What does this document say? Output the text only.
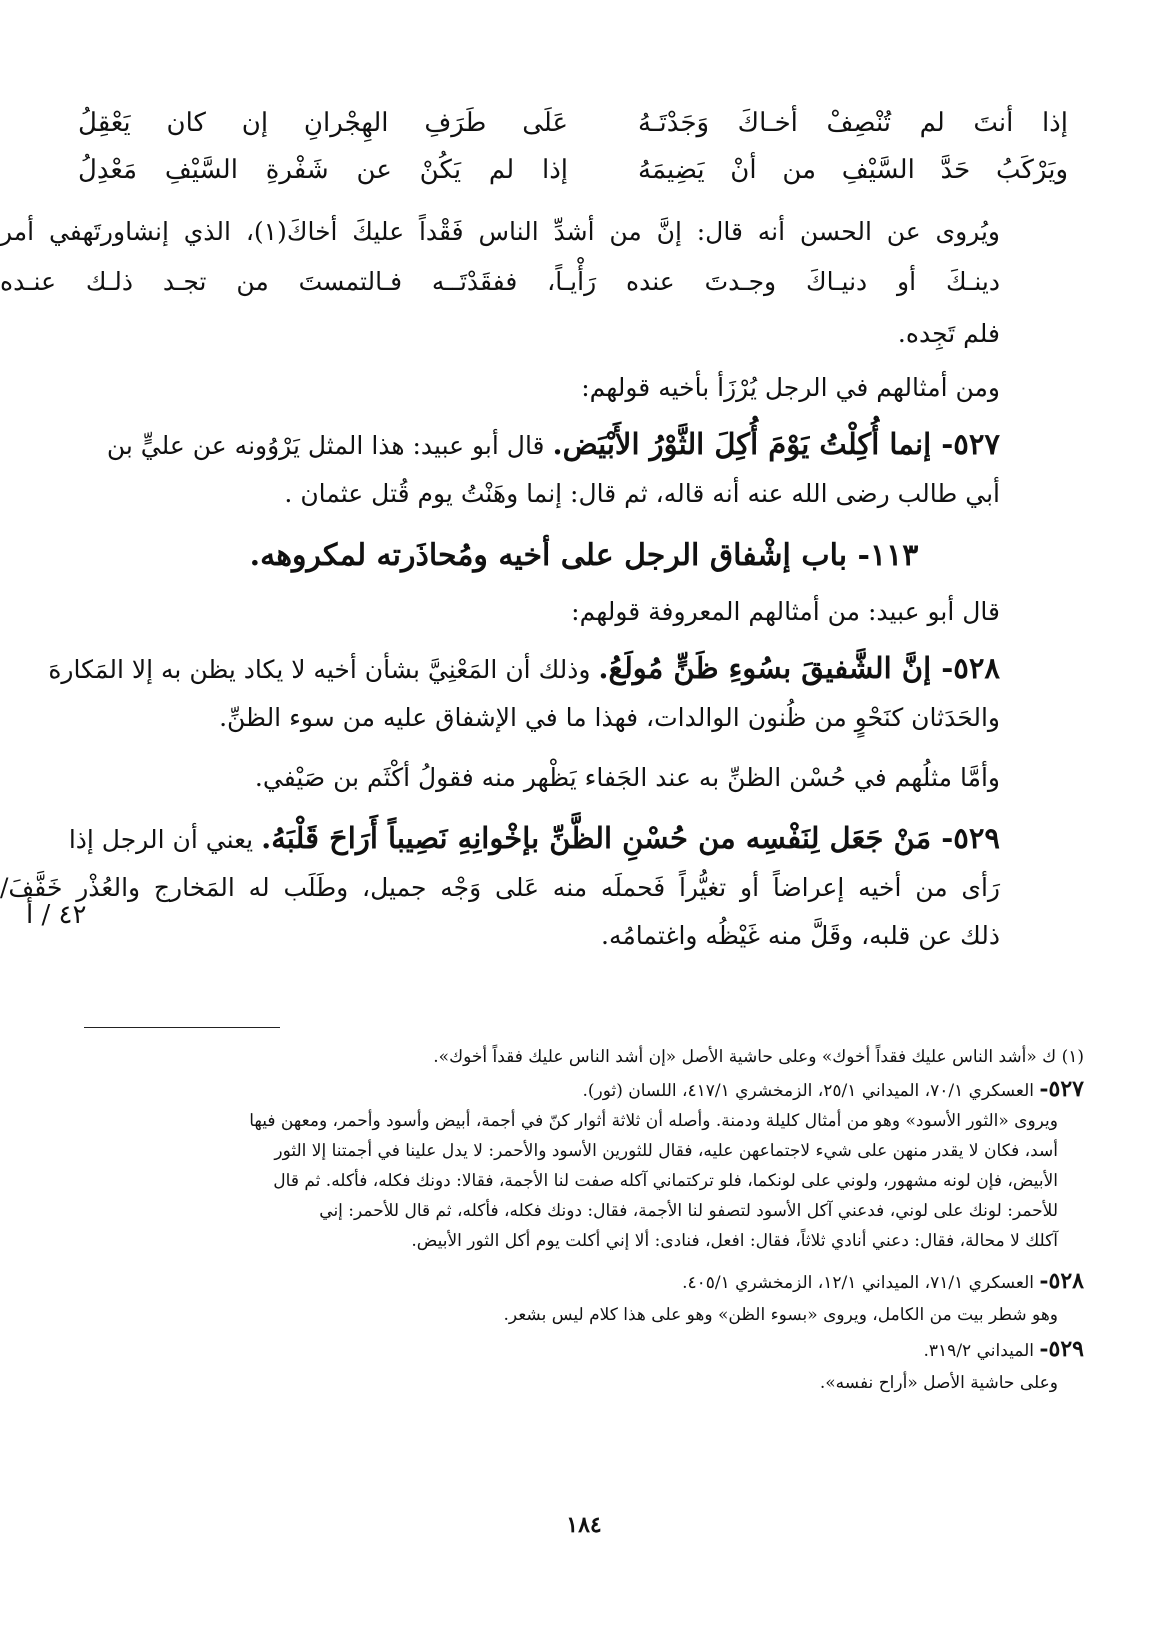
إذا أنتَ لم تُنْصِفْ أخـاكَ وَجَدْتَـهُ
عَلَى طَرَفِ الهِجْرانِ إن كان يَعْقِلُ
ويَرْكَبُ حَدَّ السَّيْفِ من أنْ يَضِيمَهُ
إذا لم يَكُنْ عن شَفْرةِ السَّيْفِ مَعْدِلُ
ويُروى عن الحسن أنه قال: إنَّ من أشدِّ الناس فَقْداً عليكَ أخاكَ(١)، الذي إنشاورتَهفي أمر
دينـكَ أو دنيـاكَ وجـدتَ عنده رَأْيـاً، ففقَدْتَــه فـالتمستَ من تجـد ذلـك عنـده
فلم تَجِده.
ومن أمثالهم في الرجل يُرْزَأ بأخيه قولهم:
٥٢٧- إنما أُكِلْتُ يَوْمَ أُكِلَ الثَّوْرُ الأَبْيَض. قال أبو عبيد: هذا المثل يَرْوُونه عن عليٍّ بن
أبي طالب رضى الله عنه أنه قاله، ثم قال: إنما وهَنْتُ يوم قُتل عثمان .
١١٣- باب إشْفاق الرجل على أخيه ومُحاذَرته لمكروهه.
قال أبو عبيد: من أمثالهم المعروفة قولهم:
٥٢٨- إنَّ الشَّفيقَ بسُوءِ ظَنٍّ مُولَعُ. وذلك أن المَعْنِيَّ بشأن أخيه لا يكاد يظن به إلا المَكارهَ
والحَدَثان كنَحْوٍ من ظُنون الوالدات، فهذا ما في الإشفاق عليه من سوء الظنِّ.
وأمَّا مثلُهم في حُسْن الظنِّ به عند الجَفاء يَظْهر منه فقولُ أكْثَم بن صَيْفي.
٥٢٩- مَنْ جَعَل لِنَفْسِه من حُسْنِ الظَّنِّ بإخْوانِهِ نَصِيباً أَرَاحَ قَلْبَهُ. يعني أن الرجل إذا
رَأى من أخيه إعراضاً أو تغيُّراً فَحملَه منه عَلى وَجْه جميل، وطَلَب له المَخارج والعُذْر خَفَّفَ/
ذلك عن قلبه، وقَلَّ منه غَيْظُه واغتمامُه.
٤٢ / أ
(١) ك «أشد الناس عليك فقداً أخوك» وعلى حاشية الأصل «إن أشد الناس عليك فقداً أخوك».
٥٢٧- العسكري ٧٠/١، الميداني ٢٥/١، الزمخشري ٤١٧/١، اللسان (ثور).
ويروى «الثور الأسود» وهو من أمثال كليلة ودمنة. وأصله أن ثلاثة أثوار كنّ في أجمة، أبيض وأسود وأحمر، ومعهن فيها
أسد، فكان لا يقدر منهن على شيء لاجتماعهن عليه، فقال للثورين الأسود والأحمر: لا يدل علينا في أجمتنا إلا الثور
الأبيض، فإن لونه مشهور، ولوني على لونكما، فلو تركتماني آكله صفت لنا الأجمة، فقالا: دونك فكله، فأكله. ثم قال
للأحمر: لونك على لوني، فدعني آكل الأسود لتصفو لنا الأجمة، فقال: دونك فكله، فأكله، ثم قال للأحمر: إني
آكلك لا محالة، فقال: دعني أنادي ثلاثاً، فقال: افعل، فنادى: ألا إني أكلت يوم أكل الثور الأبيض.
٥٢٨- العسكري ٧١/١، الميداني ١٢/١، الزمخشري ٤٠٥/١.
وهو شطر بيت من الكامل، ويروى «بسوء الظن» وهو على هذا كلام ليس بشعر.
٥٢٩- الميداني ٣١٩/٢.
وعلى حاشية الأصل «أراح نفسه».
١٨٤
